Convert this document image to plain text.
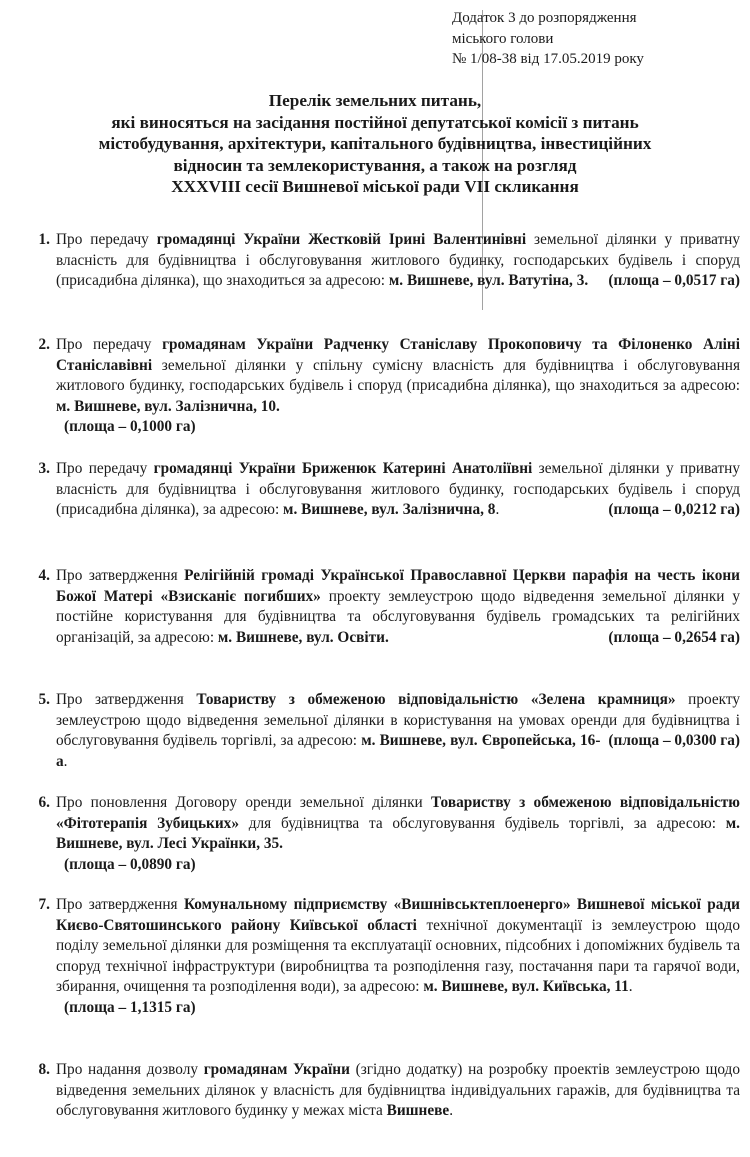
Додаток 3 до розпорядження
міського голови
№ 1/08-38 від 17.05.2019 року
Перелік земельних питань,
які виносяться на засідання постійної депутатської комісії з питань
містобудування, архітектури, капітального будівництва, інвестиційних
відносин та землекористування, а також на розгляд
XXXVIII сесії Вишневої міської ради VII скликання
1. Про передачу громадянці України Жестковій Ірині Валентинівні земельної ділянки у приватну власність для будівництва і обслуговування житлового будинку, господарських будівель і споруд (присадибна ділянка), що знаходиться за адресою:	(площа – 0,0517 га)
м. Вишневе, вул. Ватутіна, 3.
2. Про передачу громадянам України Радченку Станіславу Прокоповичу та Філоненко Аліні Станіславівні земельної ділянки у спільну сумісну власність для будівництва і обслуговування житлового будинку, господарських будівель і споруд (присадибна ділянка), що знаходиться за адресою: м. Вишневе, вул. Залізнична, 10.
(площа – 0,1000 га)
3. Про передачу громадянці України Бриженюк Катерині Анатоліївні земельної ділянки у приватну власність для будівництва і обслуговування житлового будинку, господарських будівель і споруд (присадибна ділянка), за адресою: м. Вишневе, вул. Залізнична, 8.	(площа – 0,0212 га)
4. Про затвердження Релігійній громаді Української Православної Церкви парафія на честь ікони Божої Матері «Взисканіє погибших» проекту землеустрою щодо відведення земельної ділянки у постійне користування для будівництва та обслуговування будівель громадських та релігійних організацій, за адресою:	(площа – 0,2654 га)
м. Вишневе, вул. Освіти.
5. Про затвердження Товариству з обмеженою відповідальністю «Зелена крамниця» проекту землеустрою щодо відведення земельної ділянки в користування на умовах оренди для будівництва і обслуговування будівель торгівлі, за адресою:	(площа – 0,0300 га)
м. Вишневе, вул. Європейська, 16-а.
6. Про поновлення Договору оренди земельної ділянки Товариству з обмеженою відповідальністю «Фітотерапія Зубицьких» для будівництва та обслуговування будівель торгівлі, за адресою: м. Вишневе, вул. Лесі Українки, 35.
(площа – 0,0890 га)
7. Про затвердження Комунальному підприємству «Вишнівськтеплоенерго» Вишневої міської ради Києво-Святошинського району Київської області технічної документації із землеустрою щодо поділу земельної ділянки для розміщення та експлуатації основних, підсобних і допоміжних будівель та споруд технічної інфраструктури (виробництва та розподілення газу, постачання пари та гарячої води, збирання, очищення та розподілення води), за адресою: м. Вишневе, вул. Київська, 11.
(площа – 1,1315 га)
8. Про надання дозволу громадянам України (згідно додатку) на розробку проектів землеустрою щодо відведення земельних ділянок у власність для будівництва індивідуальних гаражів, для будівництва та обслуговування житлового будинку у межах міста Вишневе.
